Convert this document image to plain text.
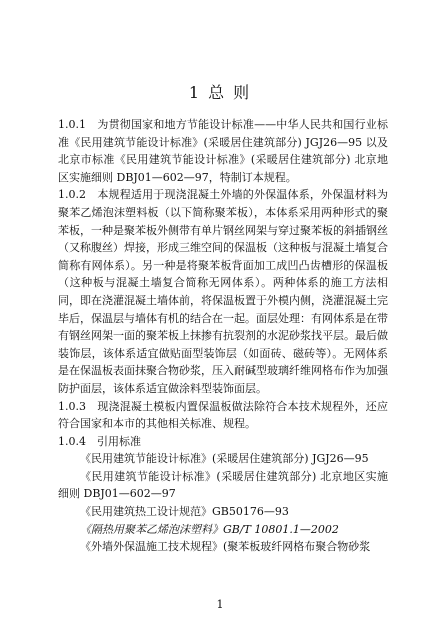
1 总 则

1.0.1　为贯彻国家和地方节能设计标准——中华人民共和国行业标准《民用建筑节能设计标准》(采暖居住建筑部分) JGJ26—95 以及北京市标准《民用建筑节能设计标准》(采暖居住建筑部分) 北京地区实施细则 DBJ01—602—97，特制订本规程。

1.0.2　本规程适用于现浇混凝土外墙的外保温体系，外保温材料为聚苯乙烯泡沫塑料板（以下简称聚苯板），本体系采用两种形式的聚苯板，一种是聚苯板外侧带有单片钢丝网架与穿过聚苯板的斜插钢丝（又称腹丝）焊接，形成三维空间的保温板（这种板与混凝土墙复合简称有网体系）。另一种是将聚苯板背面加工成凹凸齿槽形的保温板（这种板与混凝土墙复合简称无网体系）。两种体系的施工方法相同，即在浇灌混凝土墙体前，将保温板置于外模内侧，浇灌混凝土完毕后，保温层与墙体有机的结合在一起。面层处理：有网体系是在带有钢丝网架一面的聚苯板上抹掺有抗裂剂的水泥砂浆找平层。最后做装饰层，该体系适宜做贴面型装饰层（如面砖、磁砖等）。无网体系是在保温板表面抹聚合物砂浆，压入耐碱型玻璃纤维网格布作为加强防护面层，该体系适宜做涂料型装饰面层。

1.0.3　现浇混凝土模板内置保温板做法除符合本技术规程外，还应符合国家和本市的其他相关标准、规程。

1.0.4　引用标准

《民用建筑节能设计标准》(采暖居住建筑部分) JGJ26—95

《民用建筑节能设计标准》(采暖居住建筑部分) 北京地区实施细则 DBJ01—602—97

《民用建筑热工设计规范》GB50176—93

《隔热用聚苯乙烯泡沫塑料》GB/T 10801.1—2002

《外墙外保温施工技术规程》(聚苯板玻纤网格布聚合物砂浆

1
